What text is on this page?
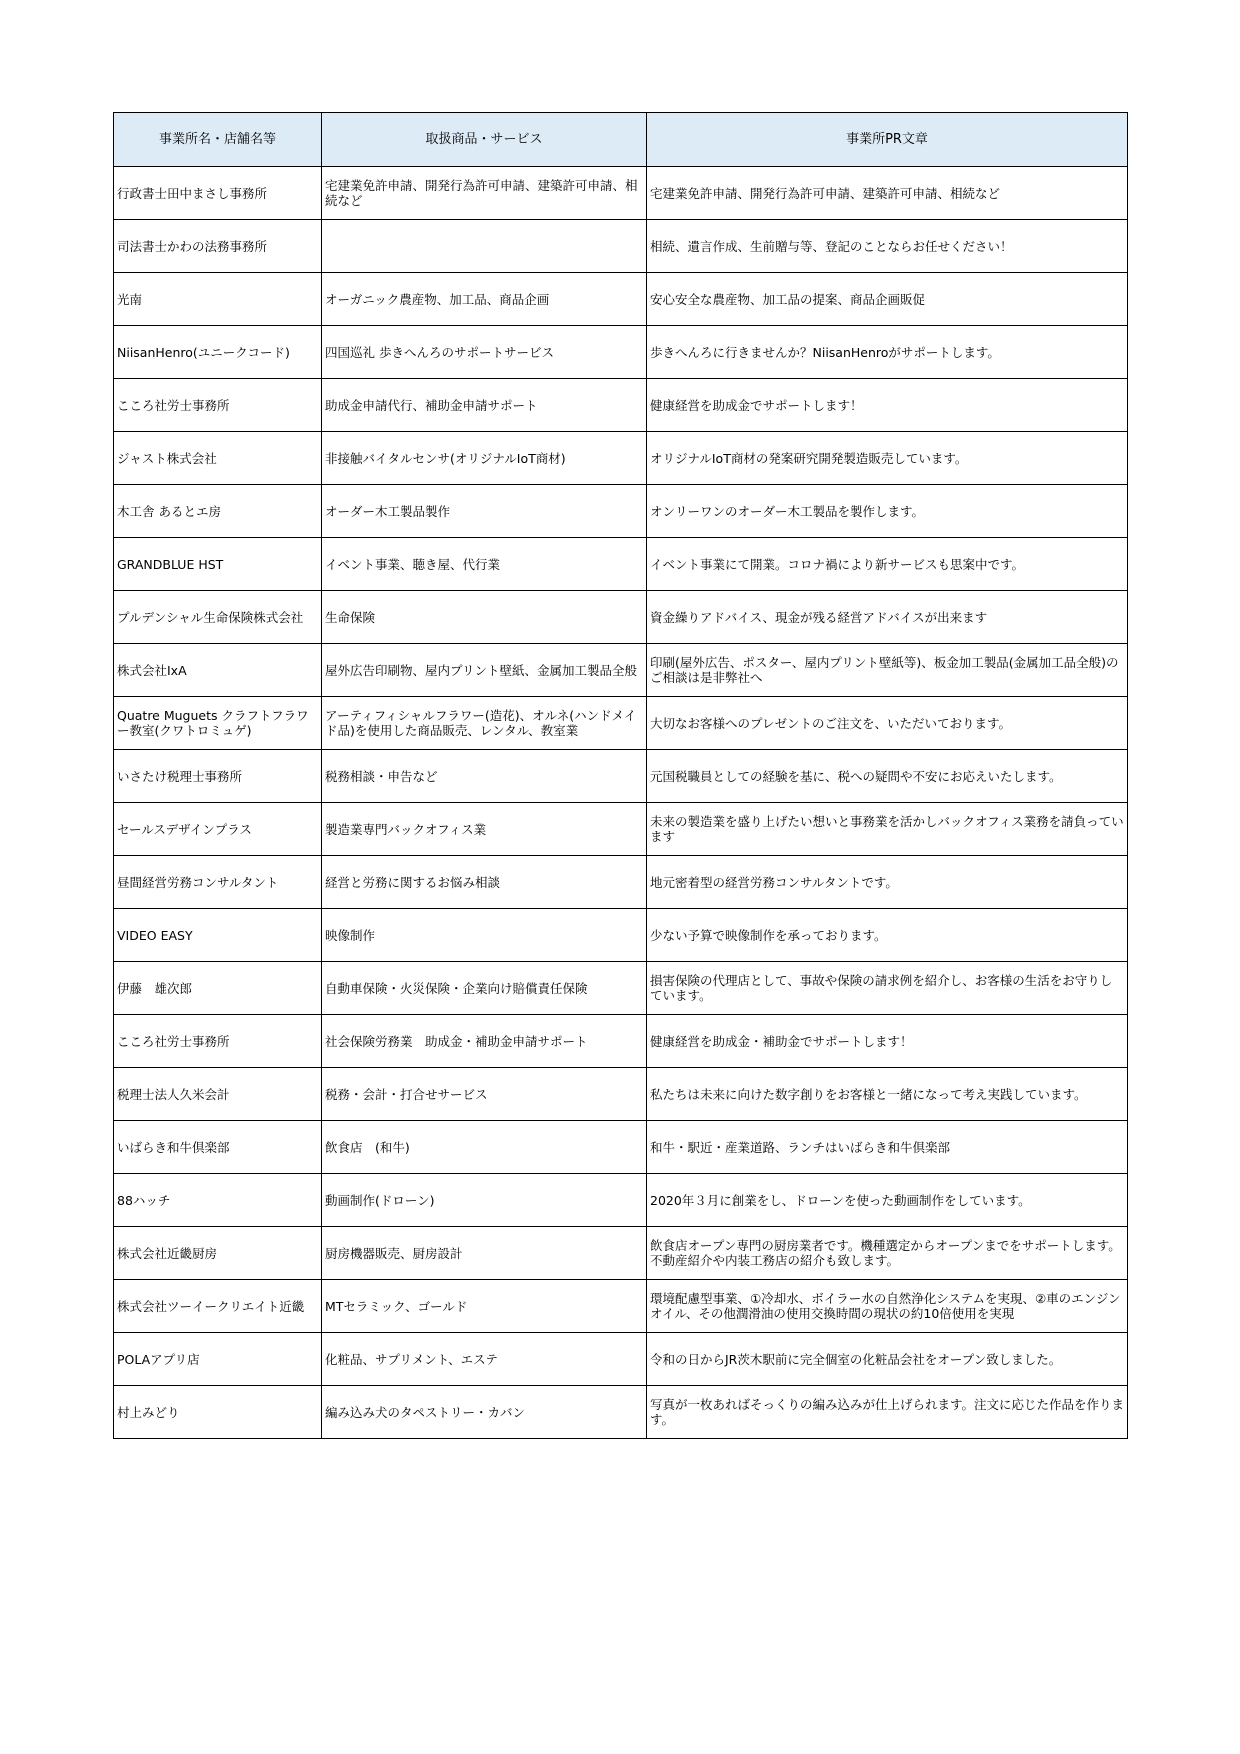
事業所名・店舗名等	取扱商品・サービス	事業所PR文章
行政書士田中まさし事務所	宅建業免許申請、開発行為許可申請、建築許可申請、相続など	宅建業免許申請、開発行為許可申請、建築許可申請、相続など
司法書士かわの法務事務所		相続、遺言作成、生前贈与等、登記のことならお任せください！
光南	オーガニック農産物、加工品、商品企画	安心安全な農産物、加工品の提案、商品企画販促
NiisanHenro(ユニークコード)	四国巡礼 歩きへんろのサポートサービス	歩きへんろに行きませんか？NiisanHenroがサポートします。
こころ社労士事務所	助成金申請代行、補助金申請サポート	健康経営を助成金でサポートします！
ジャスト株式会社	非接触バイタルセンサ(オリジナルIoT商材)	オリジナルIoT商材の発案研究開発製造販売しています。
木工舎 あるとエ房	オーダー木工製品製作	オンリーワンのオーダー木工製品を製作します。
GRANDBLUE HST	イベント事業、聴き屋、代行業	イベント事業にて開業。コロナ禍により新サービスも思案中です。
プルデンシャル生命保険株式会社	生命保険	資金繰りアドバイス、現金が残る経営アドバイスが出来ます
株式会社IxA	屋外広告印刷物、屋内プリント壁紙、金属加工製品全般	印刷(屋外広告、ポスター、屋内プリント壁紙等)、板金加工製品(金属加工品全般)のご相談は是非弊社へ
Quatre Muguets クラフトフラワー教室(クワトロミュゲ)	アーティフィシャルフラワー(造花)、オルネ(ハンドメイド品)を使用した商品販売、レンタル、教室業	大切なお客様へのプレゼントのご注文を、いただいております。
いさたけ税理士事務所	税務相談・申告など	元国税職員としての経験を基に、税への疑問や不安にお応えいたします。
セールスデザインプラス	製造業専門バックオフィス業	未来の製造業を盛り上げたい想いと事務業を活かしバックオフィス業務を請負っています
昼間経営労務コンサルタント	経営と労務に関するお悩み相談	地元密着型の経営労務コンサルタントです。
VIDEO EASY	映像制作	少ない予算で映像制作を承っております。
伊藤　雄次郎	自動車保険・火災保険・企業向け賠償責任保険	損害保険の代理店として、事故や保険の請求例を紹介し、お客様の生活をお守りしています。
こころ社労士事務所	社会保険労務業　助成金・補助金申請サポート	健康経営を助成金・補助金でサポートします！
税理士法人久米会計	税務・会計・打合せサービス	私たちは未来に向けた数字創りをお客様と一緒になって考え実践しています。
いばらき和牛倶楽部	飲食店　(和牛)	和牛・駅近・産業道路、ランチはいばらき和牛倶楽部
88ハッチ	動画制作(ドローン)	2020年３月に創業をし、ドローンを使った動画制作をしています。
株式会社近畿厨房	厨房機器販売、厨房設計	飲食店オープン専門の厨房業者です。機種選定からオープンまでをサポートします。不動産紹介や内装工務店の紹介も致します。
株式会社ツーイークリエイト近畿	MTセラミック、ゴールド	環境配慮型事業、①冷却水、ボイラー水の自然浄化システムを実現、②車のエンジンオイル、その他潤滑油の使用交換時間の現状の約10倍使用を実現
POLAアプリ店	化粧品、サプリメント、エステ	令和の日からJR茨木駅前に完全個室の化粧品会社をオープン致しました。
村上みどり	編み込み犬のタペストリー・カバン	写真が一枚あればそっくりの編み込みが仕上げられます。注文に応じた作品を作ります。
